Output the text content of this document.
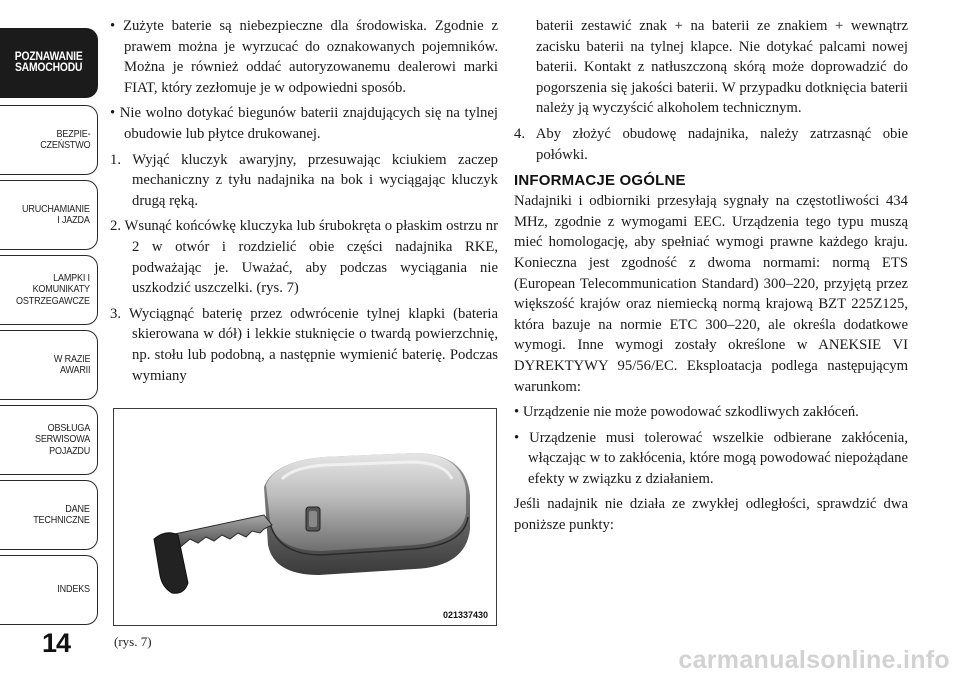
POZNAWANIE
SAMOCHODU
BEZPIE-
CZEŃSTWO
URUCHAMIANIE
I JAZDA
LAMPKI I
KOMUNIKATY
OSTRZEGAWCZE
W RAZIE
AWARII
OBSŁUGA
SERWISOWA
POJAZDU
DANE
TECHNICZNE
INDEKS
14

• Zużyte baterie są niebezpieczne dla środowiska. Zgodnie z prawem można je wyrzucać do oznakowanych pojemników. Można je również oddać autoryzowanemu dealerowi marki FIAT, który zezłomuje je w odpowiedni sposób.

• Nie wolno dotykać biegunów baterii znajdujących się na tylnej obudowie lub płytce drukowanej.

1. Wyjąć kluczyk awaryjny, przesuwając kciukiem zaczep mechaniczny z tyłu nadajnika na bok i wyciągając kluczyk drugą ręką.

2. Wsunąć końcówkę kluczyka lub śrubokręta o płaskim ostrzu nr 2 w otwór i rozdzielić obie części nadajnika RKE, podważając je. Uważać, aby podczas wyciągania nie uszkodzić uszczelki. (rys. 7)

3. Wyciągnąć baterię przez odwrócenie tylnej klapki (bateria skierowana w dół) i lekkie stuknięcie o twardą powierzchnię, np. stołu lub podobną, a następnie wymienić baterię. Podczas wymiany

021337430
(rys. 7)

baterii zestawić znak + na baterii ze znakiem + wewnątrz zacisku baterii na tylnej klapce. Nie dotykać palcami nowej baterii. Kontakt z natłuszczoną skórą może doprowadzić do pogorszenia się jakości baterii. W przypadku dotknięcia baterii należy ją wyczyścić alkoholem technicznym.

4. Aby złożyć obudowę nadajnika, należy zatrzasnąć obie połówki.

INFORMACJE OGÓLNE

Nadajniki i odbiorniki przesyłają sygnały na częstotliwości 434 MHz, zgodnie z wymogami EEC. Urządzenia tego typu muszą mieć homologację, aby spełniać wymogi prawne każdego kraju. Konieczna jest zgodność z dwoma normami: normą ETS (European Telecommunication Standard) 300–220, przyjętą przez większość krajów oraz niemiecką normą krajową BZT 225Z125, która bazuje na normie ETC 300–220, ale określa dodatkowe wymogi. Inne wymogi zostały określone w ANEKSIE VI DYREKTYWY 95/56/EC. Eksploatacja podlega następującym warunkom:

• Urządzenie nie może powodować szkodliwych zakłóceń.

• Urządzenie musi tolerować wszelkie odbierane zakłócenia, włączając w to zakłócenia, które mogą powodować niepożądane efekty w związku z działaniem.

Jeśli nadajnik nie działa ze zwykłej odległości, sprawdzić dwa poniższe punkty:

carmanualsonline.info
